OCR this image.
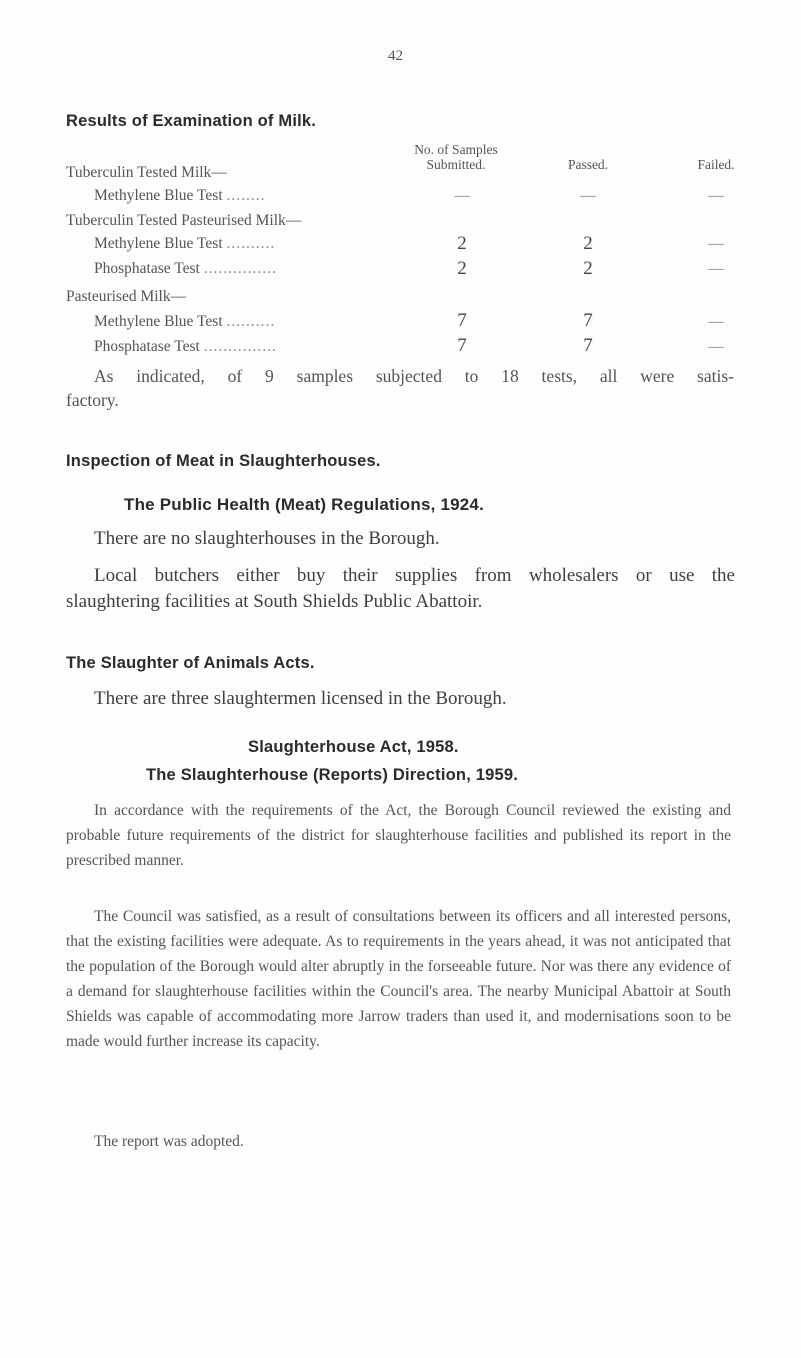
42
Results of Examination of Milk.
No. of Samples
Submitted.	Passed.	Failed.
Tuberculin Tested Milk—
Methylene Blue Test ........	—	—	—
Tuberculin Tested Pasteurised Milk—
Methylene Blue Test ..........	2	2	—
Phosphatase Test ...............	2	2	—
Pasteurised Milk—
Methylene Blue Test ..........	7	7	—
Phosphatase Test ...............	7	7	—
As indicated, of 9 samples subjected to 18 tests, all were satis-
factory.
Inspection of Meat in Slaughterhouses.
The Public Health (Meat) Regulations, 1924.
There are no slaughterhouses in the Borough.
Local butchers either buy their supplies from wholesalers or use the
slaughtering facilities at South Shields Public Abattoir.
The Slaughter of Animals Acts.
There are three slaughtermen licensed in the Borough.
Slaughterhouse Act, 1958.
The Slaughterhouse (Reports) Direction, 1959.
In accordance with the requirements of the Act, the Borough Council reviewed the existing and probable future requirements of the district for slaughterhouse facilities and published its report in the prescribed manner.
The Council was satisfied, as a result of consultations between its officers and all interested persons, that the existing facilities were adequate. As to requirements in the years ahead, it was not anticipated that the population of the Borough would alter abruptly in the forseeable future. Nor was there any evidence of a demand for slaughterhouse facilities within the Council's area. The nearby Municipal Abattoir at South Shields was capable of accommodating more Jarrow traders than used it, and modernisations soon to be made would further increase its capacity.
The report was adopted.
